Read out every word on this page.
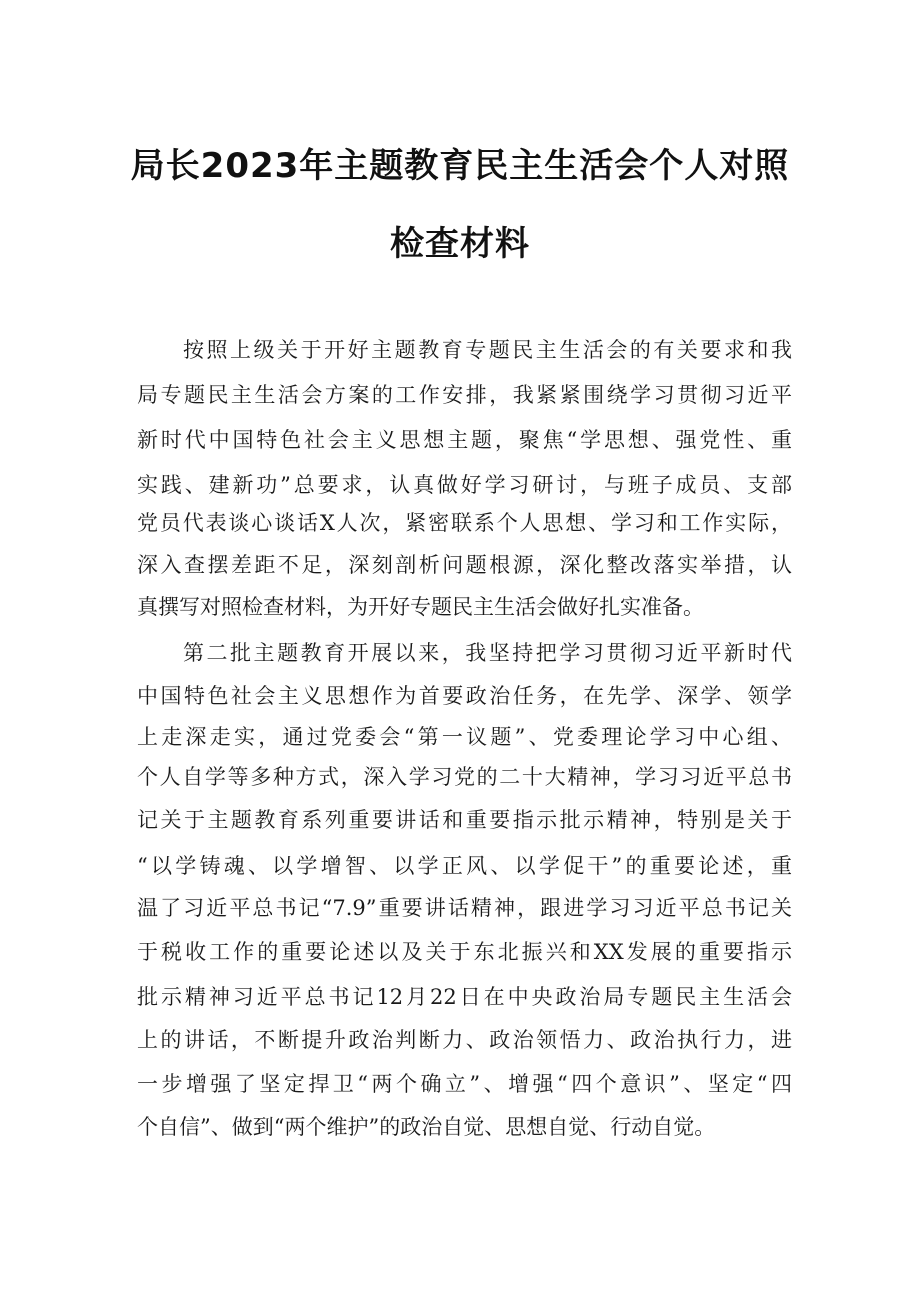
局长2023年主题教育民主生活会个人对照
检查材料
按照上级关于开好主题教育专题民主生活会的有关要求和我
局专题民主生活会方案的工作安排，我紧紧围绕学习贯彻习近平
新时代中国特色社会主义思想主题，聚焦“学思想、强党性、重
实践、建新功”总要求，认真做好学习研讨，与班子成员、支部
党员代表谈心谈话X人次，紧密联系个人思想、学习和工作实际，
深入查摆差距不足，深刻剖析问题根源，深化整改落实举措，认
真撰写对照检查材料，为开好专题民主生活会做好扎实准备。
第二批主题教育开展以来，我坚持把学习贯彻习近平新时代
中国特色社会主义思想作为首要政治任务，在先学、深学、领学
上走深走实，通过党委会“第一议题”、党委理论学习中心组、
个人自学等多种方式，深入学习党的二十大精神，学习习近平总书
记关于主题教育系列重要讲话和重要指示批示精神，特别是关于
“以学铸魂、以学增智、以学正风、以学促干”的重要论述，重
温了习近平总书记“7.9”重要讲话精神，跟进学习习近平总书记关
于税收工作的重要论述以及关于东北振兴和XX发展的重要指示
批示精神习近平总书记12月22日在中央政治局专题民主生活会
上的讲话，不断提升政治判断力、政治领悟力、政治执行力，进
一步增强了坚定捍卫“两个确立”、增强“四个意识”、坚定“四
个自信”、做到“两个维护”的政治自觉、思想自觉、行动自觉。
